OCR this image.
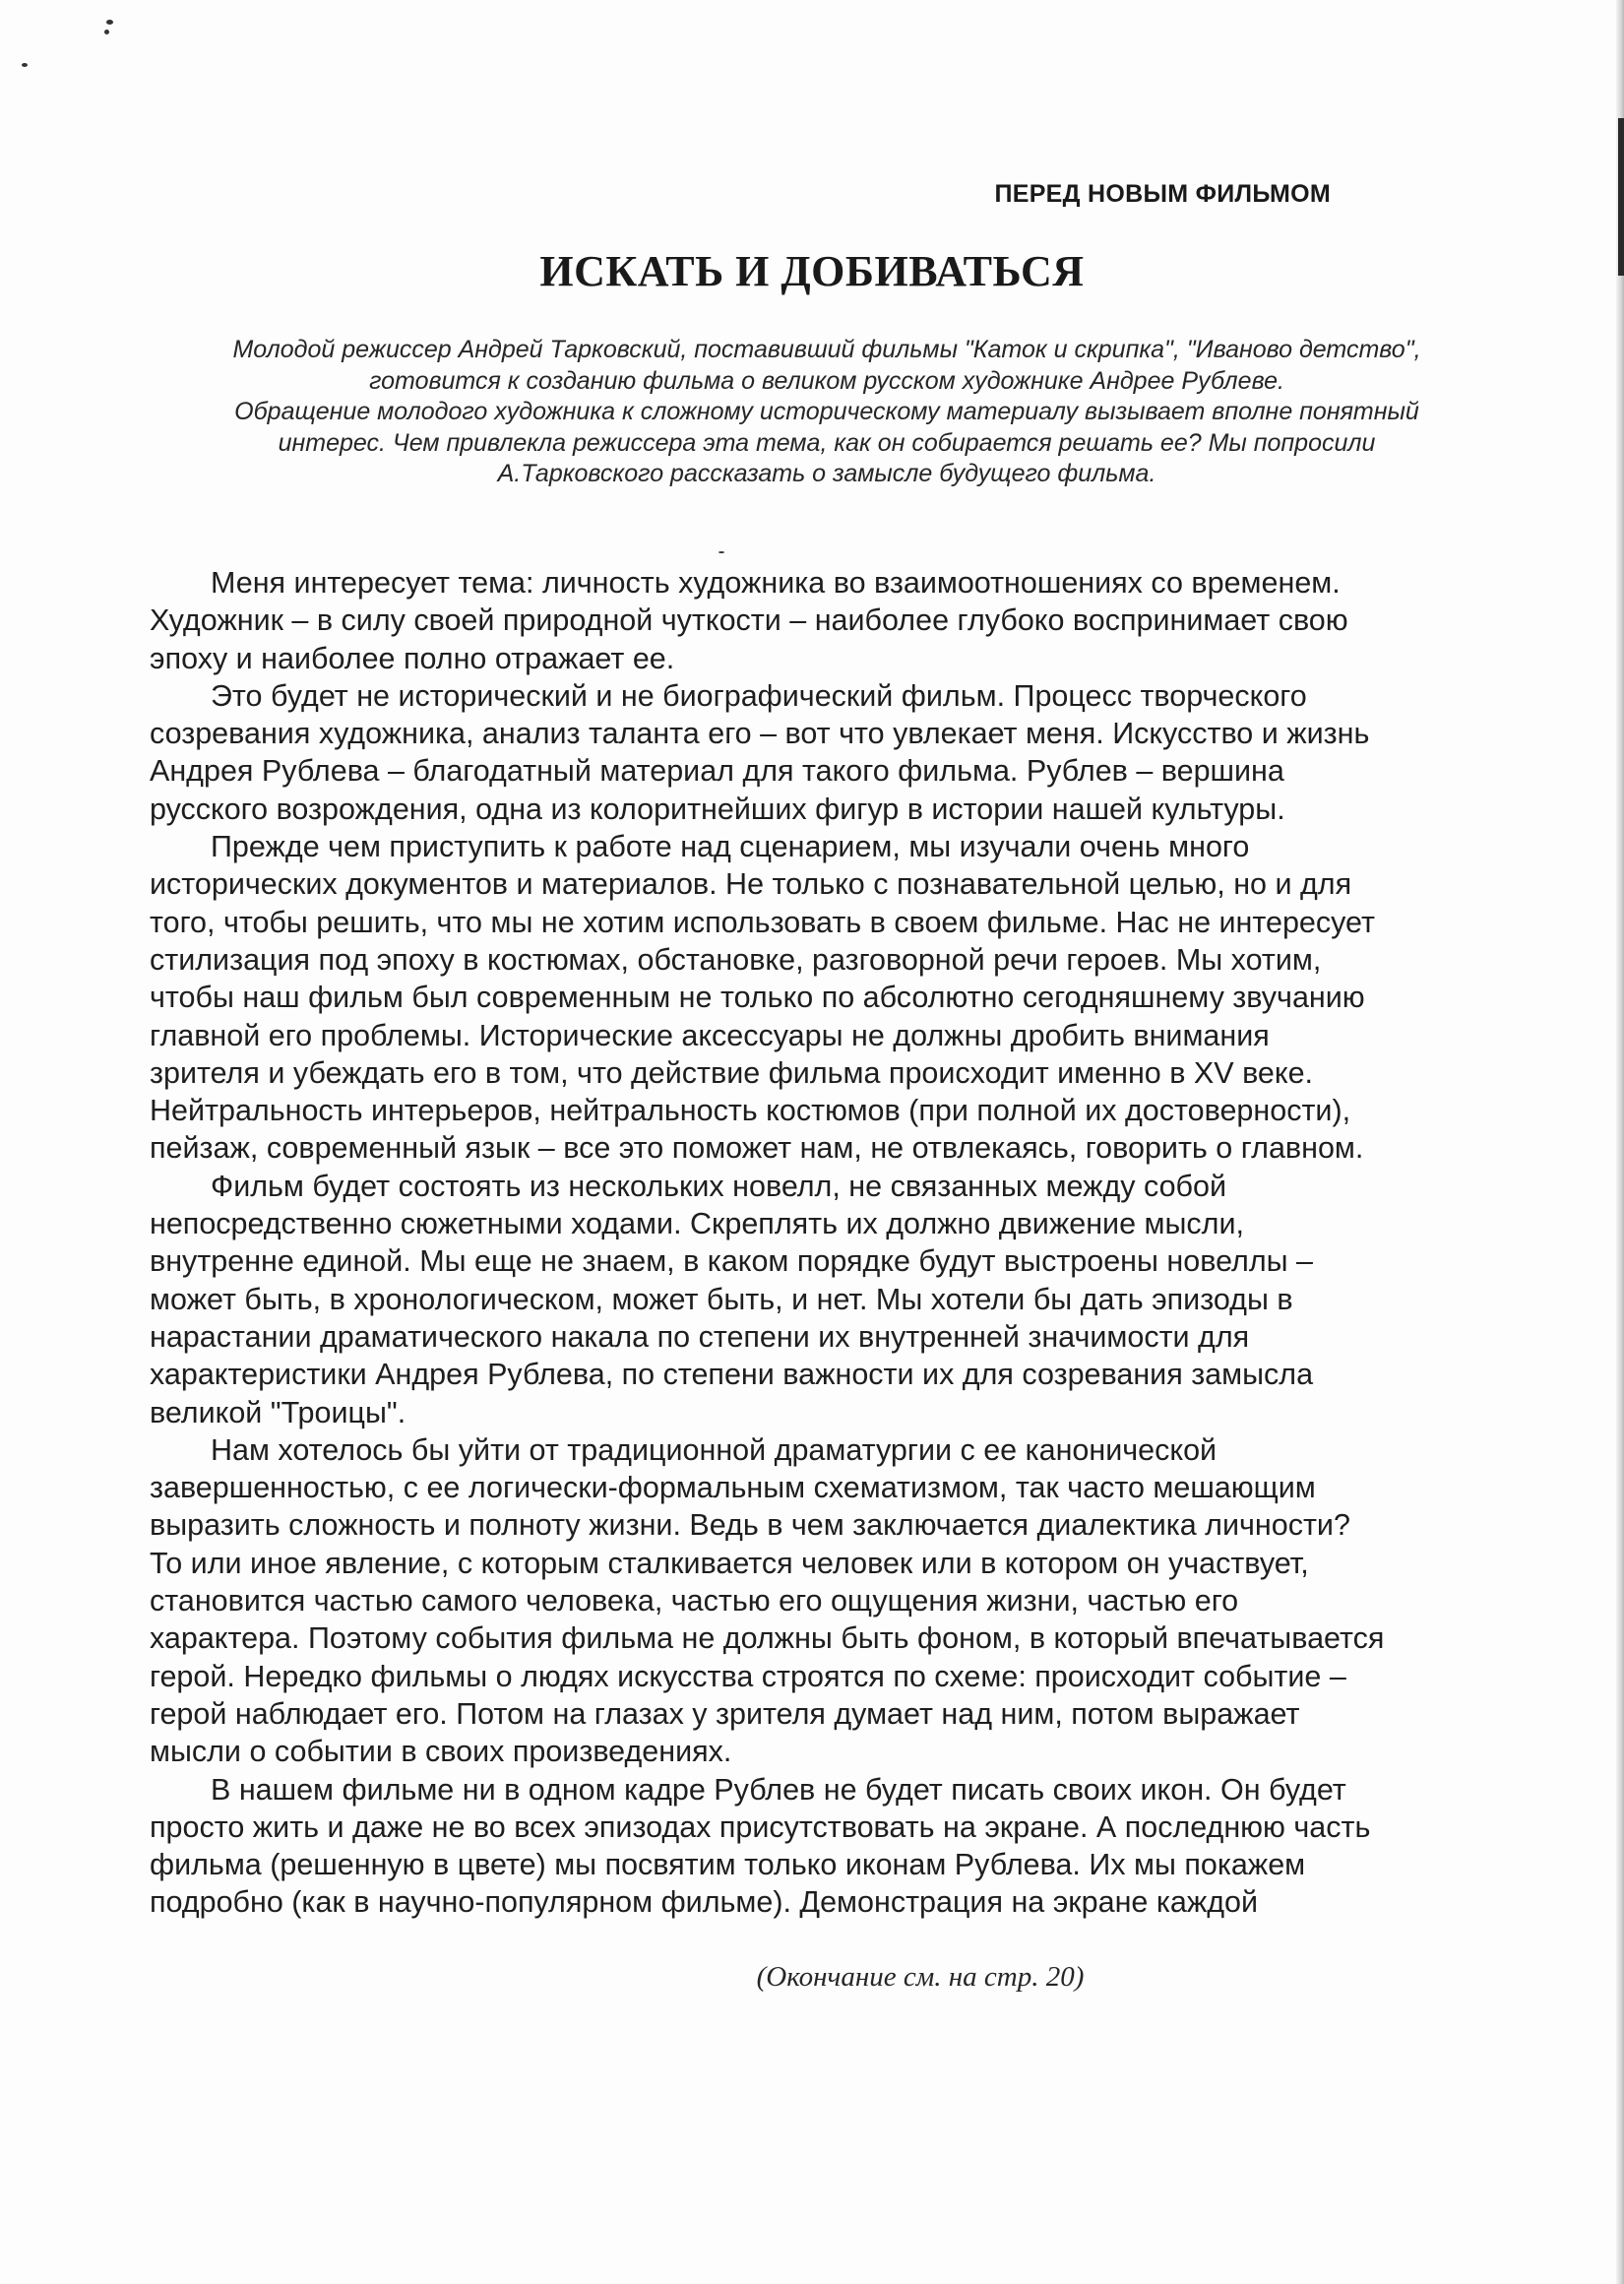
ПЕРЕД НОВЫМ ФИЛЬМОМ
ИСКАТЬ И ДОБИВАТЬСЯ
Молодой режиссер Андрей Тарковский, поставивший фильмы "Каток и скрипка", "Иваново детство",
готовится к созданию фильма о великом русском художнике Андрее Рублеве.
Обращение молодого художника к сложному историческому материалу вызывает вполне понятный
интерес. Чем привлекла режиссера эта тема, как он собирается решать ее? Мы попросили
А.Тарковского рассказать о замысле будущего фильма.
Меня интересует тема: личность художника во взаимоотношениях со временем.
Художник – в силу своей природной чуткости – наиболее глубоко воспринимает свою
эпоху и наиболее полно отражает ее.
Это будет не исторический и не биографический фильм. Процесс творческого
созревания художника, анализ таланта его – вот что увлекает меня. Искусство и жизнь
Андрея Рублева – благодатный материал для такого фильма. Рублев – вершина
русского возрождения, одна из колоритнейших фигур в истории нашей культуры.
Прежде чем приступить к работе над сценарием, мы изучали очень много
исторических документов и материалов. Не только с познавательной целью, но и для
того, чтобы решить, что мы не хотим использовать в своем фильме. Нас не интересует
стилизация под эпоху в костюмах, обстановке, разговорной речи героев. Мы хотим,
чтобы наш фильм был современным не только по абсолютно сегодняшнему звучанию
главной его проблемы. Исторические аксессуары не должны дробить внимания
зрителя и убеждать его в том, что действие фильма происходит именно в XV веке.
Нейтральность интерьеров, нейтральность костюмов (при полной их достоверности),
пейзаж, современный язык – все это поможет нам, не отвлекаясь, говорить о главном.
Фильм будет состоять из нескольких новелл, не связанных между собой
непосредственно сюжетными ходами. Скреплять их должно движение мысли,
внутренне единой. Мы еще не знаем, в каком порядке будут выстроены новеллы –
может быть, в хронологическом, может быть, и нет. Мы хотели бы дать эпизоды в
нарастании драматического накала по степени их внутренней значимости для
характеристики Андрея Рублева, по степени важности их для созревания замысла
великой "Троицы".
Нам хотелось бы уйти от традиционной драматургии с ее канонической
завершенностью, с ее логически-формальным схематизмом, так часто мешающим
выразить сложность и полноту жизни. Ведь в чем заключается диалектика личности?
То или иное явление, с которым сталкивается человек или в котором он участвует,
становится частью самого человека, частью его ощущения жизни, частью его
характера. Поэтому события фильма не должны быть фоном, в который впечатывается
герой. Нередко фильмы о людях искусства строятся по схеме: происходит событие –
герой наблюдает его. Потом на глазах у зрителя думает над ним, потом выражает
мысли о событии в своих произведениях.
В нашем фильме ни в одном кадре Рублев не будет писать своих икон. Он будет
просто жить и даже не во всех эпизодах присутствовать на экране. А последнюю часть
фильма (решенную в цвете) мы посвятим только иконам Рублева. Их мы покажем
подробно (как в научно-популярном фильме). Демонстрация на экране каждой
(Окончание см. на стр. 20)
